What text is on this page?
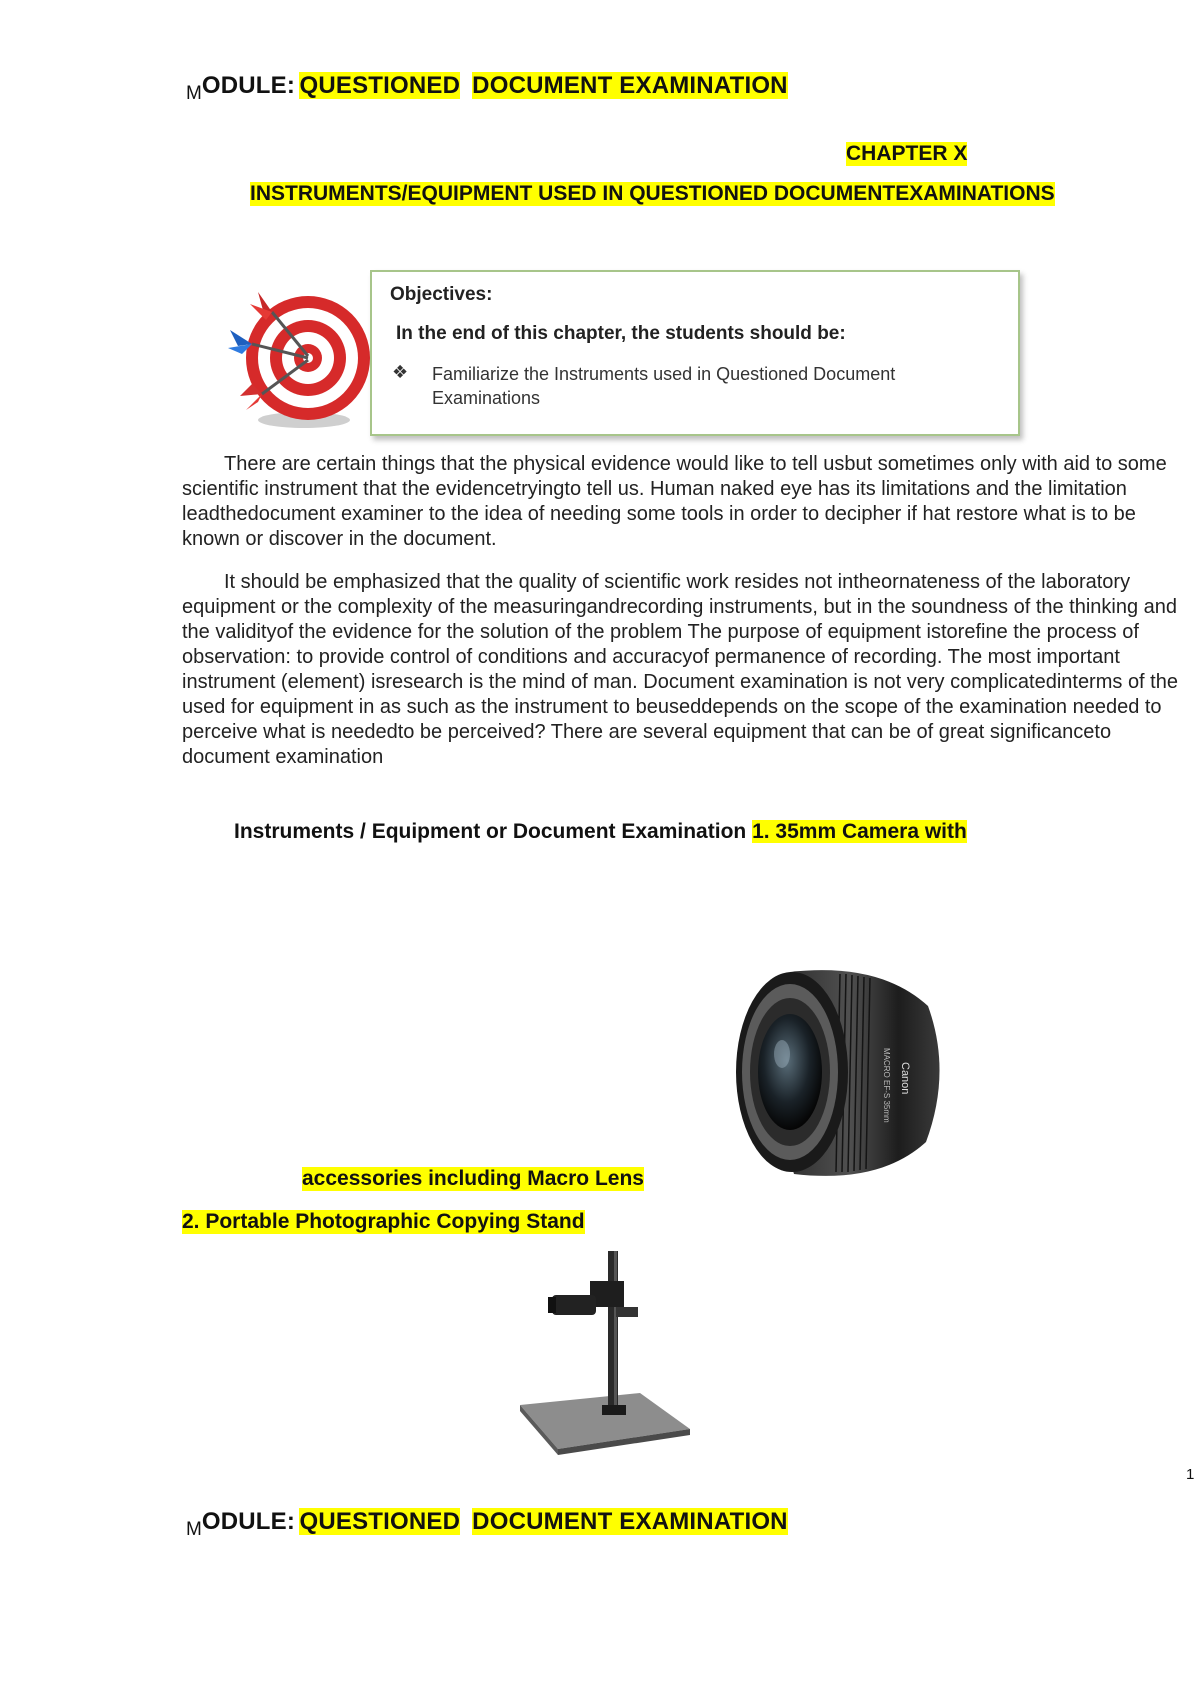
MODULE: QUESTIONED DOCUMENT EXAMINATION
CHAPTER X
INSTRUMENTS/EQUIPMENT USED IN QUESTIONED DOCUMENTEXAMINATIONS
Objectives:
In the end of this chapter, the students should be:
❖ Familiarize the Instruments used in Questioned Document Examinations
There are certain things that the physical evidence would like to tell usbut sometimes only with aid to some scientific instrument that the evidencetryingto tell us. Human naked eye has its limitations and the limitation leadthedocument examiner to the idea of needing some tools in order to decipher if hat restore what is to be known or discover in the document.
It should be emphasized that the quality of scientific work resides not intheornateness of the laboratory equipment or the complexity of the measuringandrecording instruments, but in the soundness of the thinking and the validityof the evidence for the solution of the problem The purpose of equipment istorefine the process of observation: to provide control of conditions and accuracyof permanence of recording. The most important instrument (element) isresearch is the mind of man. Document examination is not very complicatedinterms of the used for equipment in as such as the instrument to beuseddepends on the scope of the examination needed to perceive what is neededto be perceived? There are several equipment that can be of great significanceto document examination
Instruments / Equipment or Document Examination 1. 35mm Camera with
Canon
MACRO EF-S 35mm
accessories including Macro Lens
2. Portable Photographic Copying Stand
1
MODULE: QUESTIONED DOCUMENT EXAMINATION
